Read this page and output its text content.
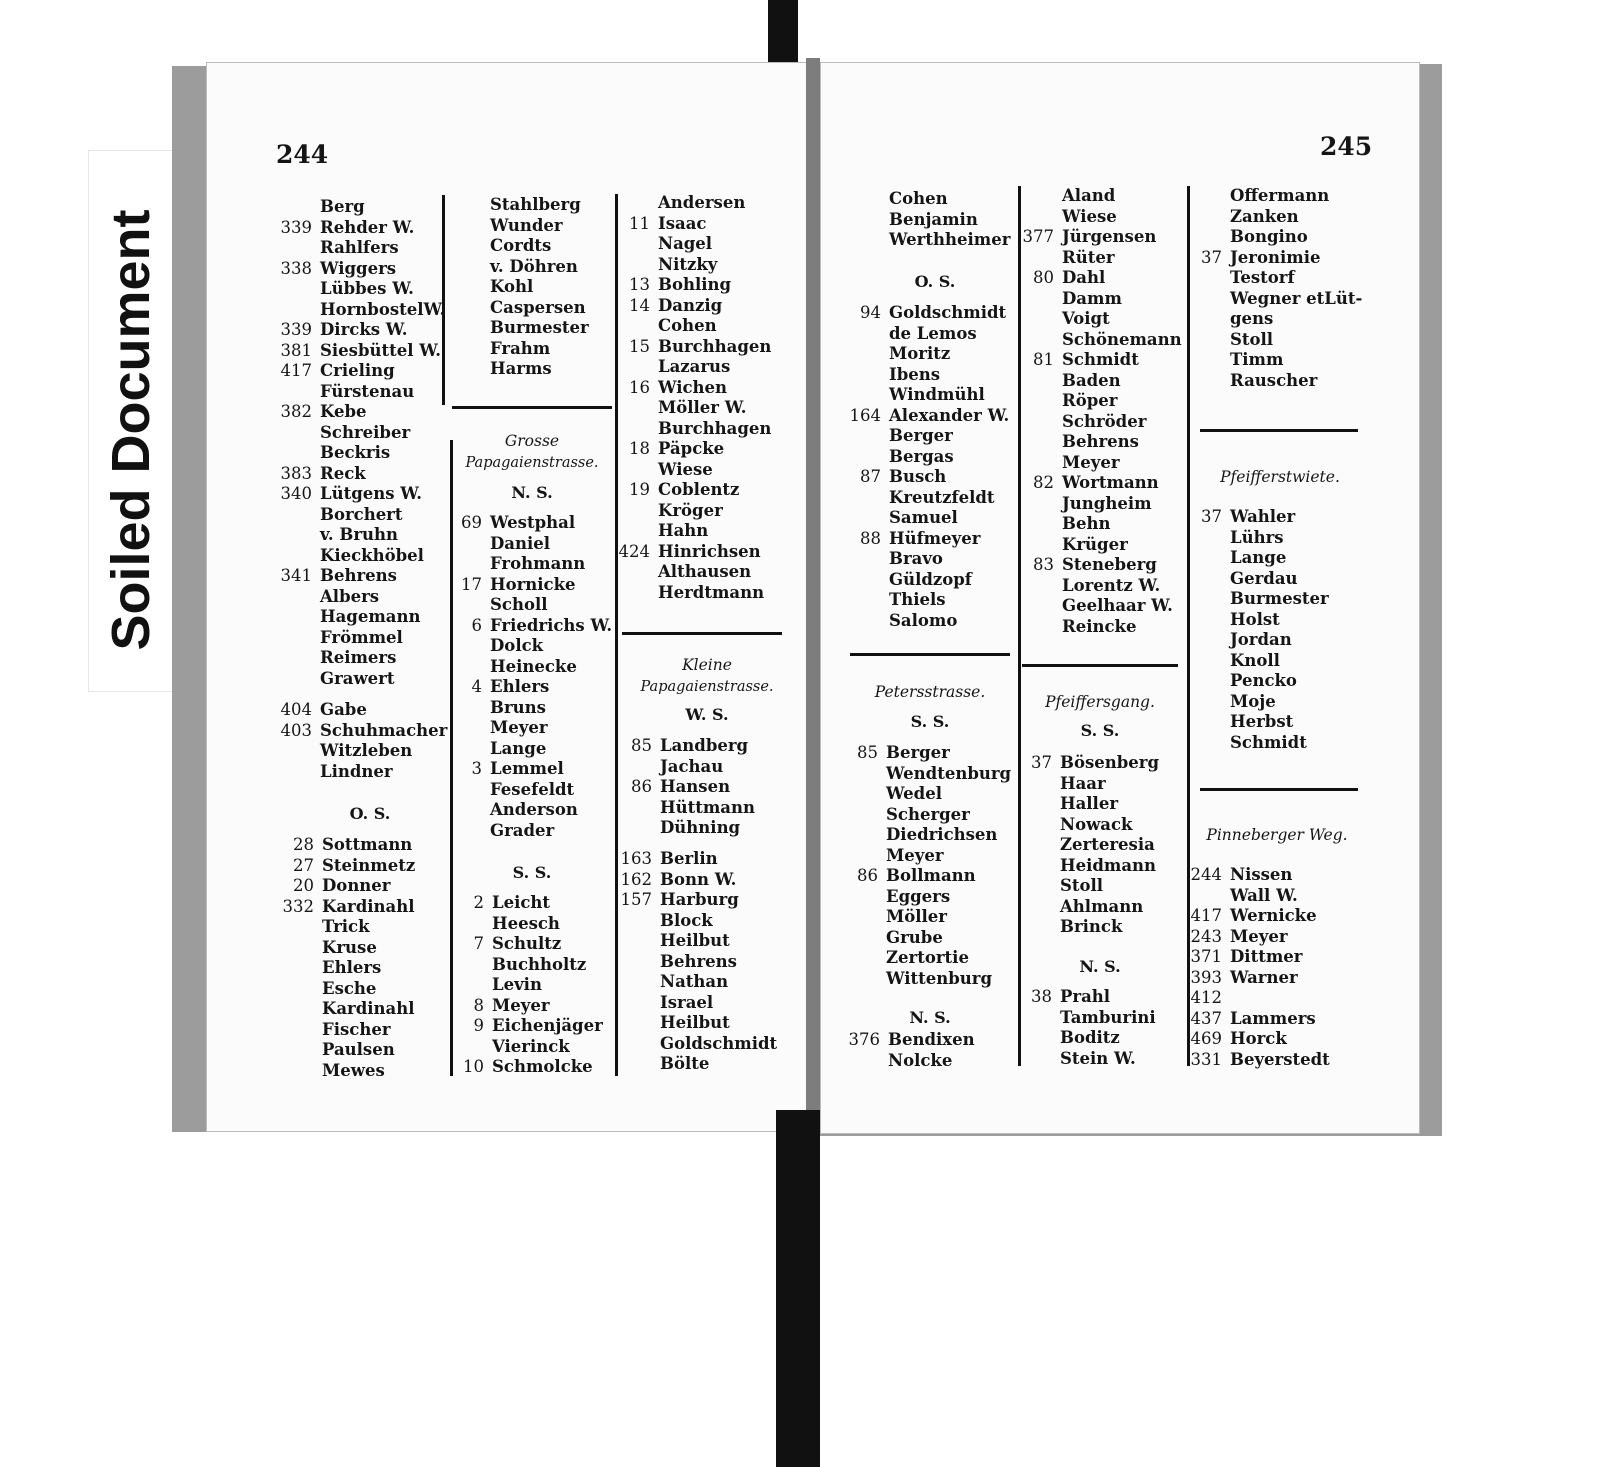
Soiled Document
244	245
Berg
339 Rehder W.
Rahlfers
338 Wiggers
Lübbes W.
HornbostelW.
339 Dircks W.
381 Siesbüttel W.
417 Crieling
Fürstenau
382 Kebe
Schreiber
Beckris
383 Reck
340 Lütgens W.
Borchert
v. Bruhn
Kieckhöbel
341 Behrens
Albers
Hagemann
Frömmel
Reimers
Grawert
404 Gabe
403 Schuhmacher
Witzleben
Lindner
28 Sottmann
27 Steinmetz
20 Donner
332 Kardinahl
Trick
Kruse
Ehlers
Esche
Kardinahl
Fischer
Paulsen
Mewes
Stahlberg
Wunder
Cordts
v. Döhren
Kohl
Caspersen
Burmester
Frahm
Harms
69 Westphal
Daniel
Frohmann
17 Hornicke
Scholl
6 Friedrichs W.
Dolck
Heinecke
4 Ehlers
Bruns
Meyer
Lange
3 Lemmel
Fesefeldt
Anderson
Grader
2 Leicht
Heesch
7 Schultz
Buchholtz
Levin
8 Meyer
9 Eichenjäger
Vierinck
10 Schmolcke
Andersen
11 Isaac
Nagel
Nitzky
13 Bohling
14 Danzig
Cohen
15 Burchhagen
Lazarus
16 Wichen
Möller W.
Burchhagen
18 Päpcke
Wiese
19 Coblentz
Kröger
Hahn
424 Hinrichsen
Althausen
Herdtmann
85 Landberg
Jachau
86 Hansen
Hüttmann
Dühning
163 Berlin
162 Bonn W.
157 Harburg
Block
Heilbut
Behrens
Nathan
Israel
Heilbut
Goldschmidt
Bölte
Cohen
Benjamin
Werthheimer
94 Goldschmidt
de Lemos
Moritz
Ibens
Windmühl
164 Alexander W.
Berger
Bergas
87 Busch
Kreutzfeldt
Samuel
88 Hüfmeyer
Bravo
Güldzopf
Thiels
Salomo
85 Berger
Wendtenburg
Wedel
Scherger
Diedrichsen
Meyer
86 Bollmann
Eggers
Möller
Grube
Zertortie
Wittenburg
376 Bendixen
Nolcke
Aland
Wiese
377 Jürgensen
Rüter
80 Dahl
Damm
Voigt
Schönemann
81 Schmidt
Baden
Röper
Schröder
Behrens
Meyer
82 Wortmann
Jungheim
Behn
Krüger
83 Steneberg
Lorentz W.
Geelhaar W.
Reincke
37 Bösenberg
Haar
Haller
Nowack
Zerteresia
Heidmann
Stoll
Ahlmann
Brinck
38 Prahl
Tamburini
Boditz
Stein W.
Offermann
Zanken
Bongino
37 Jeronimie
Testorf
Wegner etLüt-
gens
Stoll
Timm
Rauscher
37 Wahler
Lührs
Lange
Gerdau
Burmester
Holst
Jordan
Knoll
Pencko
Moje
Herbst
Schmidt
244 Nissen
Wall W.
417 Wernicke
243 Meyer
371 Dittmer
393 Warner
412
437 Lammers
469 Horck
331 Beyerstedt
O. S.
Grosse
Papagaienstrasse.
N. S.
S. S.
Kleine
Papagaienstrasse.
W. S.
O. S.
Petersstrasse.
S. S.
N. S.
Pfeiffersgang.
S. S.
N. S.
Pfeifferstwiete.
Pinneberger Weg.
